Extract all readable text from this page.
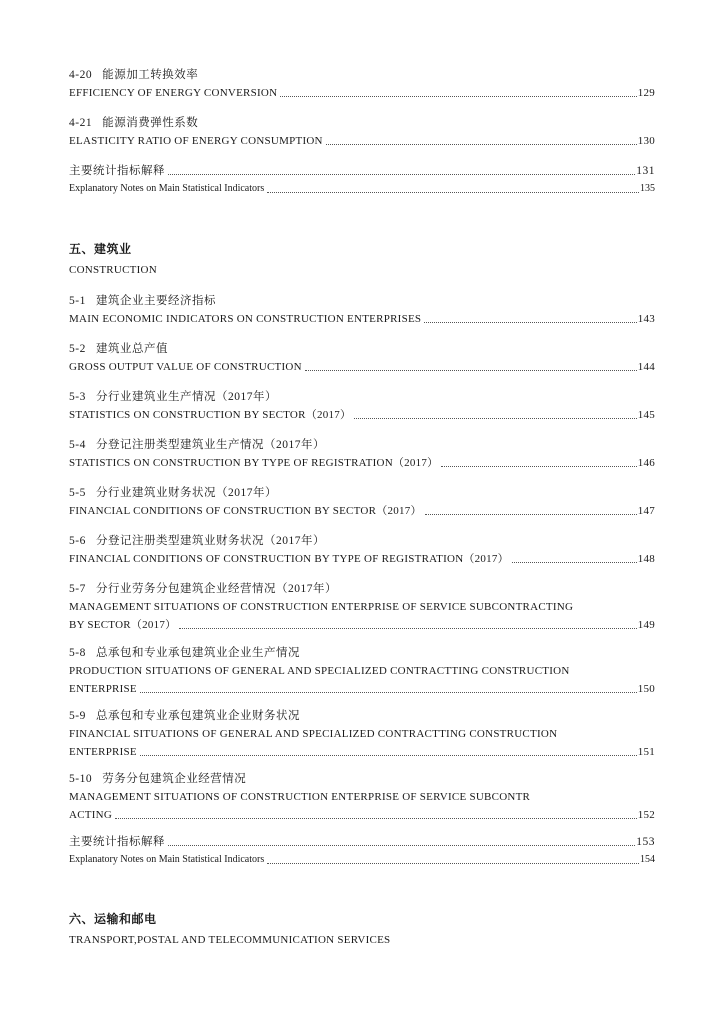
4-20 能源加工转换效率
EFFICIENCY OF ENERGY CONVERSION	129
4-21 能源消费弹性系数
ELASTICITY RATIO OF ENERGY CONSUMPTION	130
主要统计指标解释	131
Explanatory Notes on Main Statistical Indicators	135
五、建筑业
CONSTRUCTION
5-1 建筑企业主要经济指标
MAIN ECONOMIC INDICATORS ON CONSTRUCTION ENTERPRISES	143
5-2 建筑业总产值
GROSS OUTPUT VALUE OF CONSTRUCTION	144
5-3 分行业建筑业生产情况（2017年）
STATISTICS ON CONSTRUCTION BY SECTOR（2017）	145
5-4 分登记注册类型建筑业生产情况（2017年）
STATISTICS ON CONSTRUCTION BY TYPE OF REGISTRATION（2017）	146
5-5 分行业建筑业财务状况（2017年）
FINANCIAL CONDITIONS OF CONSTRUCTION BY SECTOR（2017）	147
5-6 分登记注册类型建筑业财务状况（2017年）
FINANCIAL CONDITIONS OF CONSTRUCTION BY TYPE OF REGISTRATION（2017）	148
5-7 分行业劳务分包建筑企业经营情况（2017年）
MANAGEMENT SITUATIONS OF CONSTRUCTION ENTERPRISE OF SERVICE SUBCONTRACTING
BY SECTOR（2017）	149
5-8 总承包和专业承包建筑业企业生产情况
PRODUCTION SITUATIONS OF GENERAL AND SPECIALIZED CONTRACTTING CONSTRUCTION
ENTERPRISE	150
5-9 总承包和专业承包建筑业企业财务状况
FINANCIAL SITUATIONS OF GENERAL AND SPECIALIZED CONTRACTTING CONSTRUCTION
ENTERPRISE	151
5-10 劳务分包建筑企业经营情况
MANAGEMENT SITUATIONS OF CONSTRUCTION ENTERPRISE OF SERVICE SUBCONTR
ACTING	152
主要统计指标解释	153
Explanatory Notes on Main Statistical Indicators	154
六、运输和邮电
TRANSPORT,POSTAL AND TELECOMMUNICATION SERVICES
